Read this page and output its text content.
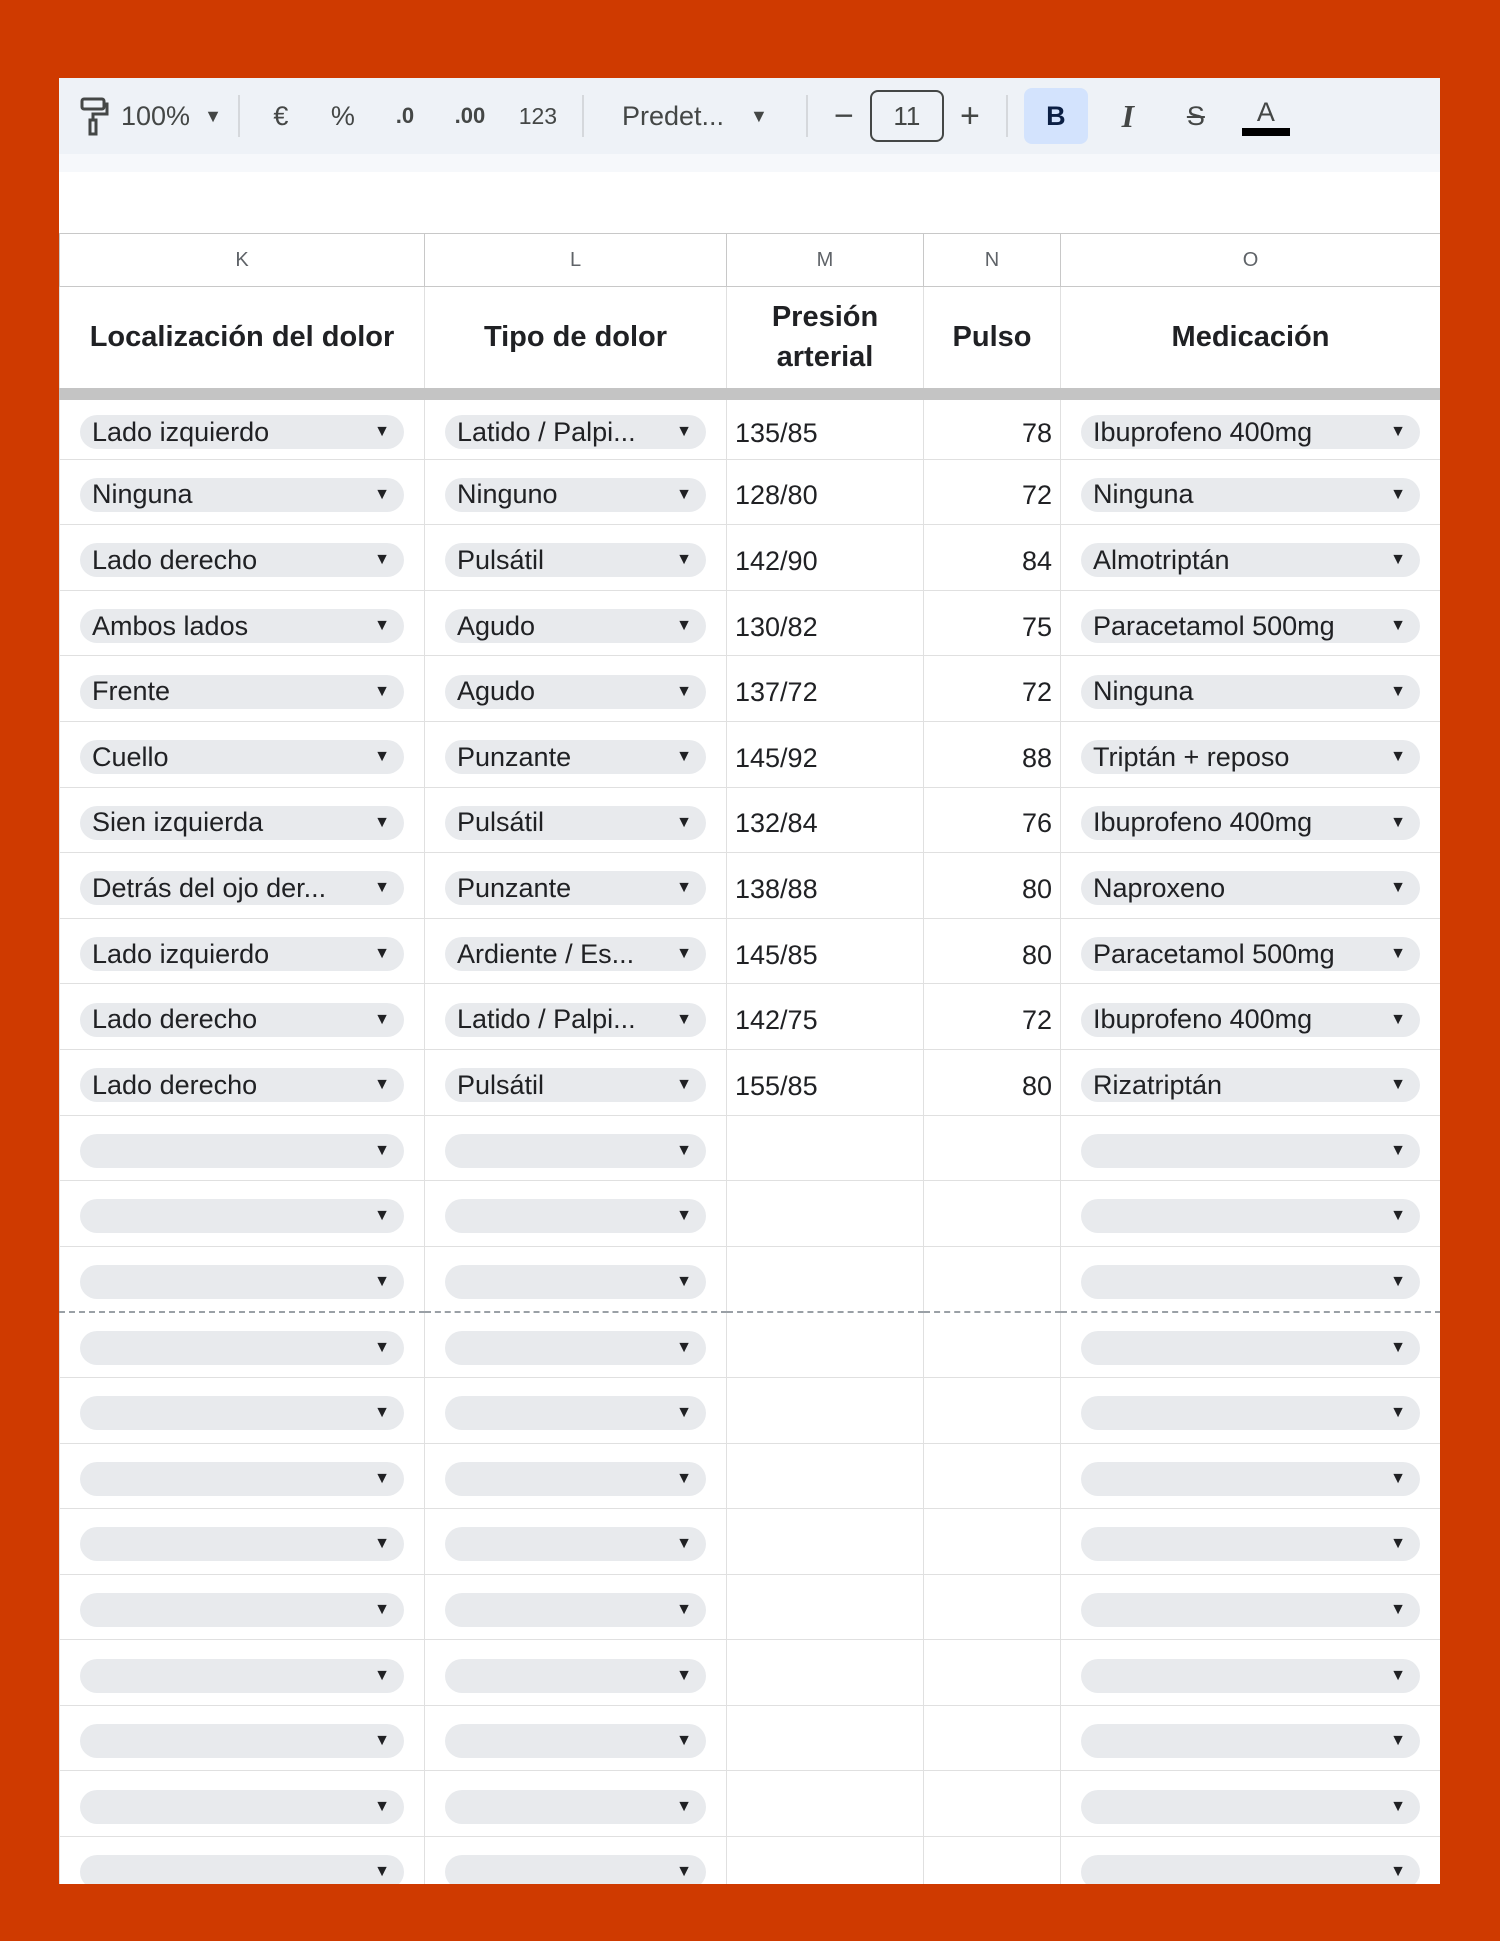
100% ▼	€	%	.0	.00	123	Predet... ▼ −	11	+	B	I	S	A
K	L	M	N	O
Localización del dolor	Tipo de dolor	Presión arterial	Pulso	Medicación

Lado izquierdo ▼	Latido / Palpi... ▼	135/85	78	Ibuprofeno 400mg ▼

Ninguna ▼	Ninguno ▼	128/80	72	Ninguna ▼

Lado derecho ▼	Pulsátil ▼	142/90	84	Almotriptán ▼

Ambos lados ▼	Agudo ▼	130/82	75	Paracetamol 500mg ▼

Frente ▼	Agudo ▼	137/72	72	Ninguna ▼

Cuello ▼	Punzante ▼	145/92	88	Triptán + reposo ▼

Sien izquierda ▼	Pulsátil ▼	132/84	76	Ibuprofeno 400mg ▼

Detrás del ojo der... ▼	Punzante ▼	138/88	80	Naproxeno ▼

Lado izquierdo ▼	Ardiente / Es... ▼	145/85	80	Paracetamol 500mg ▼

Lado derecho ▼	Latido / Palpi... ▼	142/75	72	Ibuprofeno 400mg ▼

Lado derecho ▼	Pulsátil ▼	155/85	80	Rizatriptán ▼

▼	▼			▼

▼	▼			▼

▼	▼			▼

▼	▼			▼

▼	▼			▼

▼	▼			▼

▼	▼			▼

▼	▼			▼

▼	▼			▼

▼	▼			▼

▼	▼			▼

▼	▼			▼
